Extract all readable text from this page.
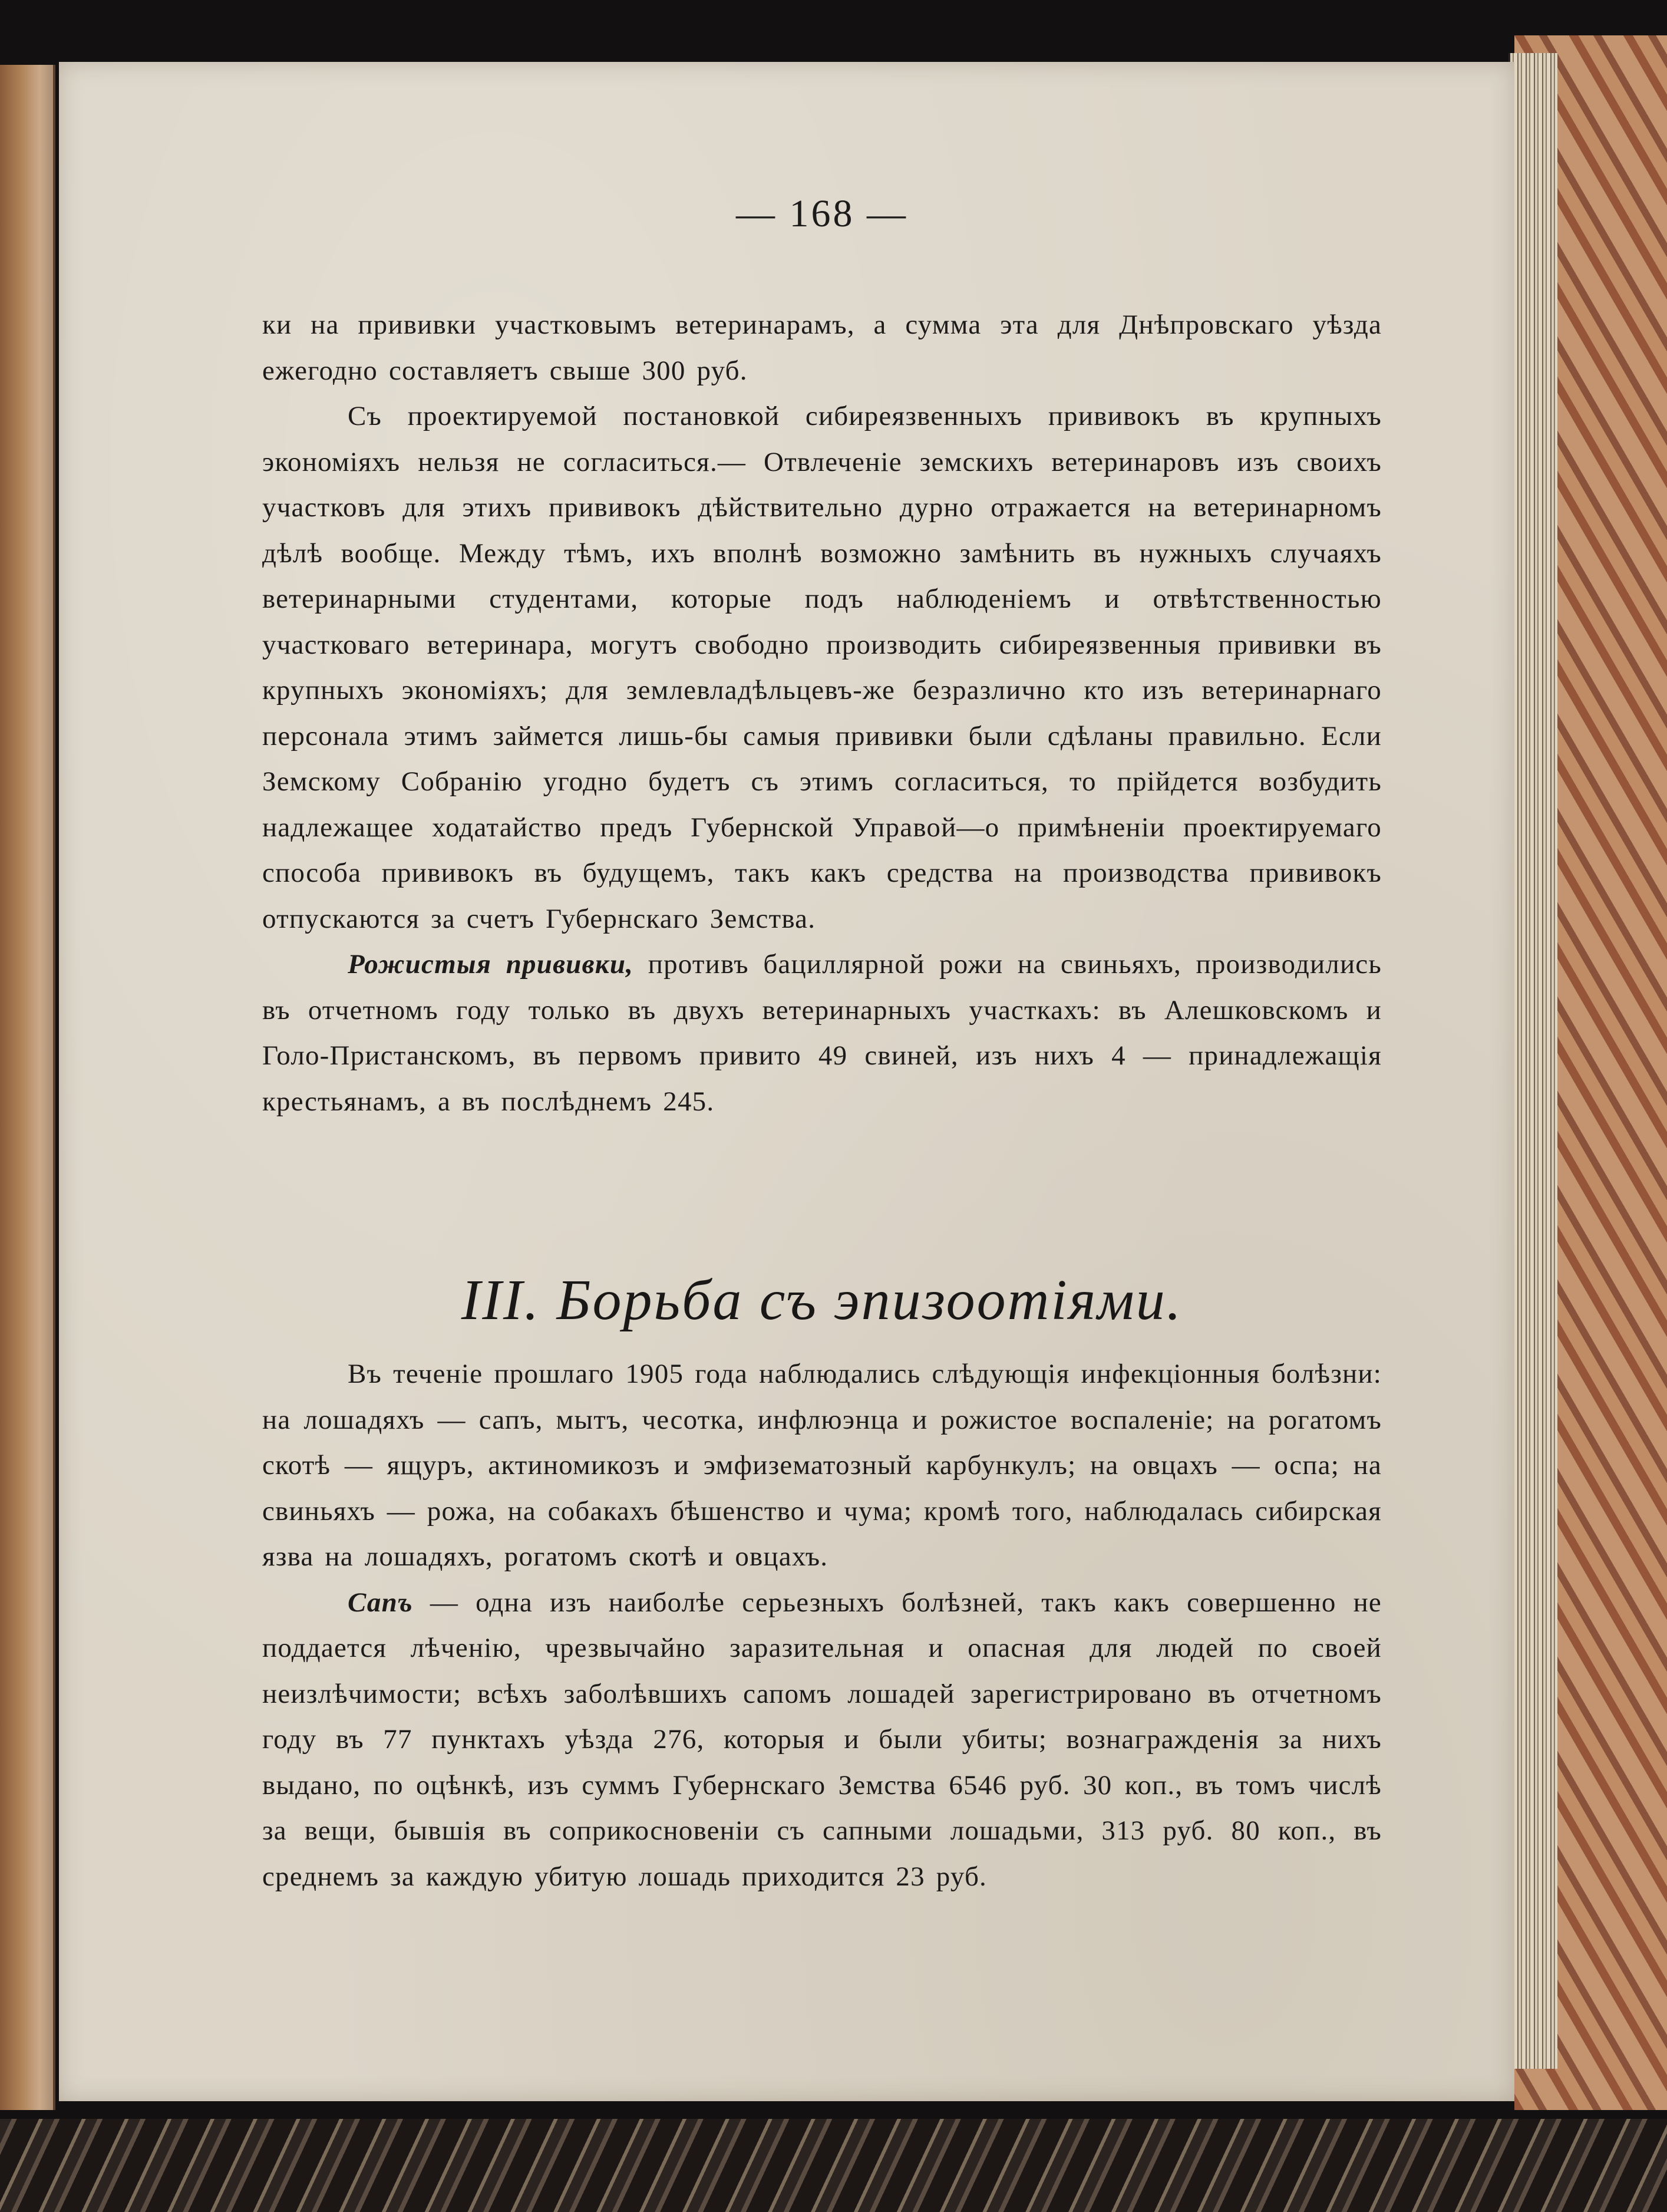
— 168 —

ки на прививки участковымъ ветеринарамъ, а сумма эта для Днѣпровскаго уѣзда ежегодно составляетъ свыше 300 руб.

Съ проектируемой постановкой сибиреязвенныхъ прививокъ въ крупныхъ экономіяхъ нельзя не согласиться.— Отвлеченіе земскихъ ветеринаровъ изъ своихъ участковъ для этихъ прививокъ дѣйствительно дурно отражается на ветеринарномъ дѣлѣ вообще. Между тѣмъ, ихъ вполнѣ возможно замѣнить въ нужныхъ случаяхъ ветеринарными студентами, которые подъ наблюденіемъ и отвѣтственностью участковаго ветеринара, могутъ свободно производить сибиреязвенныя прививки въ крупныхъ экономіяхъ; для землевладѣльцевъ-же безразлично кто изъ ветеринарнаго персонала этимъ займется лишь-бы самыя прививки были сдѣланы правильно. Если Земскому Собранію угодно будетъ съ этимъ согласиться, то прійдется возбудить надлежащее ходатайство предъ Губернской Управой—о примѣненіи проектируемаго способа прививокъ въ будущемъ, такъ какъ средства на производства прививокъ отпускаются за счетъ Губернскаго Земства.

Рожистыя прививки, противъ бациллярной рожи на свиньяхъ, производились въ отчетномъ году только въ двухъ ветеринарныхъ участкахъ: въ Алешковскомъ и Голо-Пристанскомъ, въ первомъ привито 49 свиней, изъ нихъ 4 — принадлежащія крестьянамъ, а въ послѣднемъ 245.

III. Борьба съ эпизоотіями.

Въ теченіе прошлаго 1905 года наблюдались слѣдующія инфекціонныя болѣзни: на лошадяхъ — сапъ, мытъ, чесотка, инфлюэнца и рожистое воспаленіе; на рогатомъ скотѣ — ящуръ, актиномикозъ и эмфизематозный карбункулъ; на овцахъ — оспа; на свиньяхъ — рожа, на собакахъ бѣшенство и чума; кромѣ того, наблюдалась сибирская язва на лошадяхъ, рогатомъ скотѣ и овцахъ.

Сапъ — одна изъ наиболѣе серьезныхъ болѣзней, такъ какъ совершенно не поддается лѣченію, чрезвычайно заразительная и опасная для людей по своей неизлѣчимости; всѣхъ заболѣвшихъ сапомъ лошадей зарегистрировано въ отчетномъ году въ 77 пунктахъ уѣзда 276, которыя и были убиты; вознагражденія за нихъ выдано, по оцѣнкѣ, изъ суммъ Губернскаго Земства 6546 руб. 30 коп., въ томъ числѣ за вещи, бывшія въ соприкосновеніи съ сапными лошадьми, 313 руб. 80 коп., въ среднемъ за каждую убитую лошадь приходится 23 руб.
